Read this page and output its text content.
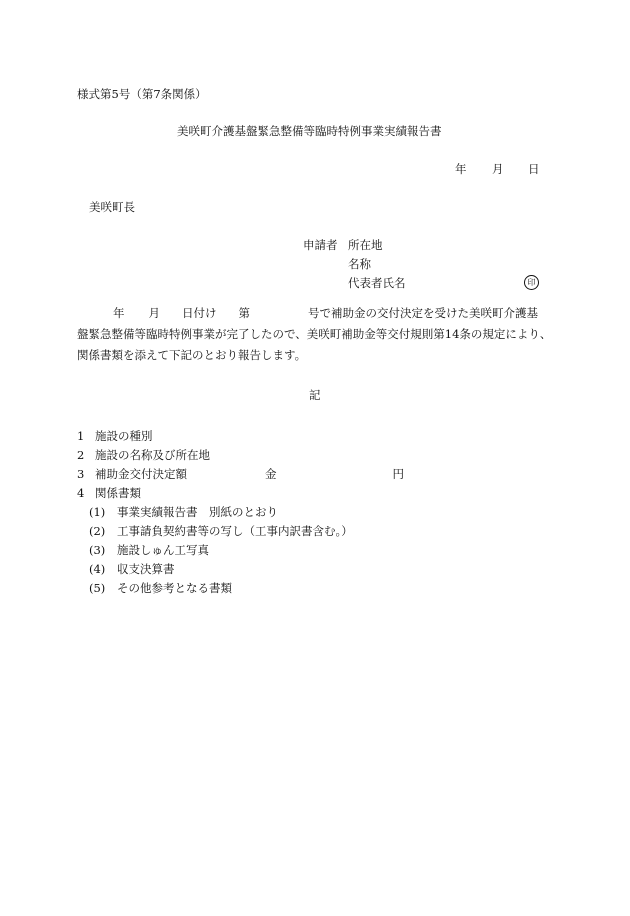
様式第5号（第7条関係）
美咲町介護基盤緊急整備等臨時特例事業実績報告書
年 月 日
美咲町長
申請者 所在地
名称
代表者氏名	印
年 月 日付け 第	号で補助金の交付決定を受けた美咲町介護基
盤緊急整備等臨時特例事業が完了したので、美咲町補助金等交付規則第14条の規定により、
関係書類を添えて下記のとおり報告します。
記
1 施設の種別
2 施設の名称及び所在地
3 補助金交付決定額	金	円
4 関係書類
(1) 事業実績報告書　別紙のとおり
(2) 工事請負契約書等の写し（工事内訳書含む。）
(3) 施設しゅん工写真
(4) 収支決算書
(5) その他参考となる書類
